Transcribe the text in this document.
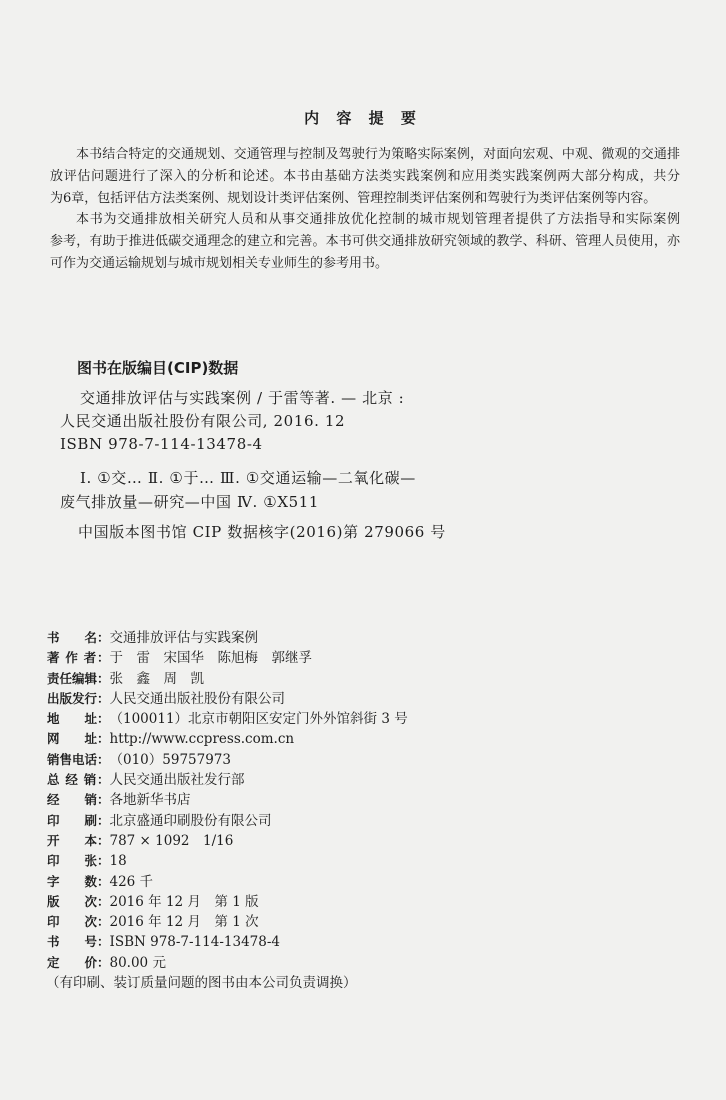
内 容 提 要
本书结合特定的交通规划、交通管理与控制及驾驶行为策略实际案例，对面向宏观、中观、微观的交通排
放评估问题进行了深入的分析和论述。本书由基础方法类实践案例和应用类实践案例两大部分构成，共分
为6章，包括评估方法类案例、规划设计类评估案例、管理控制类评估案例和驾驶行为类评估案例等内容。
本书为交通排放相关研究人员和从事交通排放优化控制的城市规划管理者提供了方法指导和实际案例
参考，有助于推进低碳交通理念的建立和完善。本书可供交通排放研究领域的教学、科研、管理人员使用，亦
可作为交通运输规划与城市规划相关专业师生的参考用书。
图书在版编目(CIP)数据
中国版本图书馆 CIP 数据核字(2016)第 279066 号
交通排放评估与实践案例 / 于雷等著. — 北京 :
人民交通出版社股份有限公司, 2016. 12
ISBN 978-7-114-13478-4
Ⅰ. ①交… Ⅱ. ①于… Ⅲ. ①交通运输—二氧化碳—
废气排放量—研究—中国 Ⅳ. ①X511
书　　名：交通排放评估与实践案例
著 作 者：于　雷　宋国华　陈旭梅　郭继孚
责任编辑：张　鑫　周　凯
出版发行：人民交通出版社股份有限公司
地　　址：（100011）北京市朝阳区安定门外外馆斜街 3 号
网　　址：http://www.ccpress.com.cn
销售电话：（010）59757973
总 经 销：人民交通出版社发行部
经　　销：各地新华书店
印　　刷：北京盛通印刷股份有限公司
开　　本：787 × 1092　1/16
印　　张：18
字　　数：426 千
版　　次：2016 年 12 月　第 1 版
印　　次：2016 年 12 月　第 1 次
书　　号：ISBN 978-7-114-13478-4
定　　价：80.00 元
（有印刷、装订质量问题的图书由本公司负责调换）
